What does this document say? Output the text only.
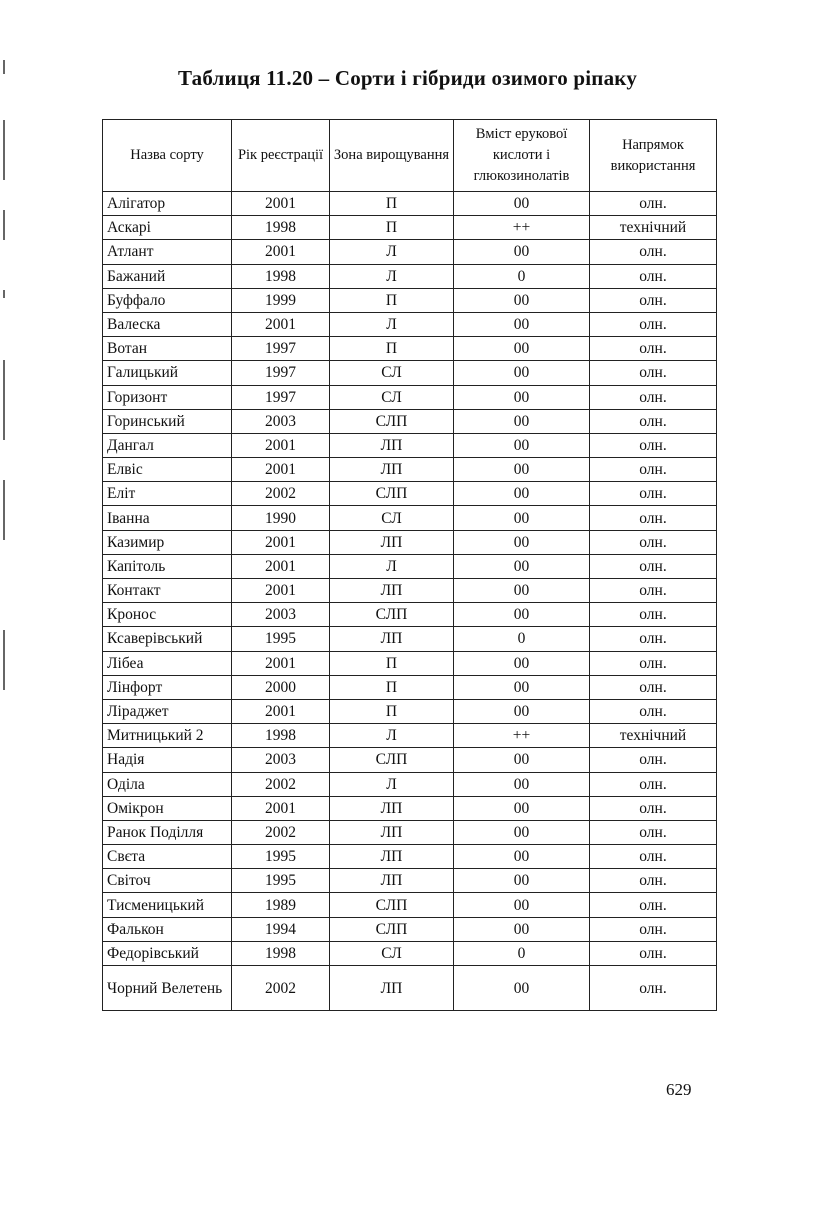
Таблиця 11.20 – Сорти і гібриди озимого ріпаку
Назва сорту	Рік реєстрації	Зона вирощування	Вміст ерукової кислоти і глюкозинолатів	Напрямок використання
Алігатор	2001	П	00	олн.
Аскарі	1998	П	++	технічний
Атлант	2001	Л	00	олн.
Бажаний	1998	Л	0	олн.
Буффало	1999	П	00	олн.
Валеска	2001	Л	00	олн.
Вотан	1997	П	00	олн.
Галицький	1997	СЛ	00	олн.
Горизонт	1997	СЛ	00	олн.
Горинський	2003	СЛП	00	олн.
Дангал	2001	ЛП	00	олн.
Елвіс	2001	ЛП	00	олн.
Еліт	2002	СЛП	00	олн.
Іванна	1990	СЛ	00	олн.
Казимир	2001	ЛП	00	олн.
Капітоль	2001	Л	00	олн.
Контакт	2001	ЛП	00	олн.
Кронос	2003	СЛП	00	олн.
Ксаверівський	1995	ЛП	0	олн.
Лібеа	2001	П	00	олн.
Лінфорт	2000	П	00	олн.
Ліраджет	2001	П	00	олн.
Митницький 2	1998	Л	++	технічний
Надія	2003	СЛП	00	олн.
Оділа	2002	Л	00	олн.
Омікрон	2001	ЛП	00	олн.
Ранок Поділля	2002	ЛП	00	олн.
Свєта	1995	ЛП	00	олн.
Світоч	1995	ЛП	00	олн.
Тисменицький	1989	СЛП	00	олн.
Фалькон	1994	СЛП	00	олн.
Федорівський	1998	СЛ	0	олн.
Чорний Велетень	2002	ЛП	00	олн.
629
